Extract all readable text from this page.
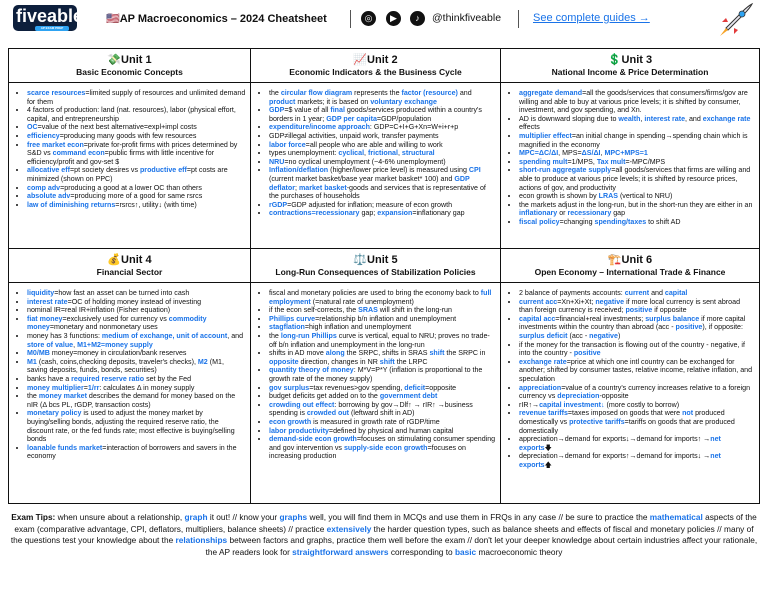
fiveable
AP EXAM PREP
🇺🇸AP Macroeconomics – 2024 Cheatsheet	◎	▶	♪	@thinkfiveable	See complete guides →
💸Unit 1
Basic Economic Concepts
• scarce resources=limited supply of resources and unlimited demand for them
• 4 factors of production: land (nat. resources), labor (physical effort, capital, and entrepreneurship
• OC=value of the next best alternative=expl+impl costs
• efficiency=producing many goods with few resources
• free market econ=private for-profit firms with prices determined by S&D vs command econ=public firms with little incentive for efficiency/profit and gov-set $
• allocative eff=pt society desires vs productive eff=pt costs are minimized (shown on PPC)
• comp adv=producing a good at a lower OC than others
• absolute adv=producing more of a good for same rsrcs
• law of diminishing returns=rsrcs↑, utility↓ (with time)
📈Unit 2
Economic Indicators & the Business Cycle
• the circular flow diagram represents the factor (resource) and product markets; it is based on voluntary exchange
• GDP=$ value of all final goods/services produced within a country's borders in 1 year; GDP per capita=GDP/population
• expenditure/income approach: GDP=C+I+G+Xn=W+i+r+p
• GDP≠illegal activities, unpaid work, transfer payments
• labor force=all people who are able and willing to work
• types unemployment: cyclical, frictional, structural
• NRU=no cyclical unemployment (~4-6% unemployment)
• Inflation/deflation (higher/lower price level) is measured using CPI (current market basket/base year market basket* 100) and GDP deflator; market basket-goods and services that is representative of the purchases of households
• rGDP=GDP adjusted for inflation; measure of econ growth
• contractions=recessionary gap; expansion=inflationary gap
💲Unit 3
National Income & Price Determination
• aggregate demand=all the goods/services that consumers/firms/gov are willing and able to buy at various price levels; it is shifted by consumer, investment, and gov spending, and Xn.
• AD is downward sloping due to wealth, interest rate, and exchange rate effects
• multiplier effect=an initial change in spending→spending chain which is magnified in the economy
• MPC=ΔC/ΔI, MPS=ΔS/ΔI, MPC+MPS=1
• spending mult=1/MPS, Tax mult=-MPC/MPS
• short-run aggregate supply=all goods/services that firms are willing and able to produce at various price levels; it is shifted by resource prices, actions of gov, and productivity
• econ growth is shown by LRAS (vertical to NRU)
• the markets adjust in the long-run, but in the short-run they are either in an inflationary or recessionary gap
• fiscal policy=changing spending/taxes to shift AD
💰Unit 4
Financial Sector
• liquidity=how fast an asset can be turned into cash
• interest rate=OC of holding money instead of investing
• nominal IR=real IR+inflation (Fisher equation)
• fiat money=exclusively used for currency vs commodity money=monetary and nonmonetary uses
• money has 3 functions: medium of exchange, unit of account, and store of value, M1+M2=money supply
• M0/MB money=money in circulation/bank reserves
• M1 (cash, coins,checking deposits, traveler's checks), M2 (M1, saving deposits, funds, bonds, securities)
• banks have a required reserve ratio set by the Fed
• money multiplier=1/rr: calculates Δ in money supply
• the money market describes the demand for money based on the nIR (Δ bcs PL, rGDP, transaction costs)
• monetary policy is used to adjust the money market by buying/selling bonds, adjusting the required reserve ratio, the discount rate, or the fed funds rate; most effective is buying/selling bonds
• loanable funds market=interaction of borrowers and savers in the economy
⚖️Unit 5
Long-Run Consequences of Stabilization Policies
• fiscal and monetary policies are used to bring the economy back to full employment (=natural rate of unemployment)
• if the econ self-corrects, the SRAS will shift in the long-run
• Phillips curve=relationship b/n inflation and unemployment
• stagflation=high inflation and unemployment
• the long-run Phillips curve is vertical, equal to NRU; proves no trade-off b/n inflation and unemployment in the long-run
• shifts in AD move along the SRPC, shifts in SRAS shift the SRPC in opposite direction, changes in NR shift the LRPC
• quantity theory of money: M*V=P*Y (inflation is proportional to the growth rate of the money supply)
• gov surplus=tax revenues>gov spending, deficit=opposite
• budget deficits get added on to the government debt
• crowding out effect: borrowing by gov→Dlf↑ → rIR↑ →business spending is crowded out (leftward shift in AD)
• econ growth is measured in growth rate of rGDP/time
• labor productivity=defined by physical and human capital
• demand-side econ growth=focuses on stimulating consumer spending and gov intervention vs supply-side econ growth=focuses on increasing production
🏗️Unit 6
Open Economy – International Trade & Finance
• 2 balance of payments accounts: current and capital
• current acc=Xn+Xi+Xt; negative if more local currency is sent abroad than foreign currency is received; positive if opposite
• capital acc=financial+real investments; surplus balance if more capital investments within the country than abroad (acc - positive), if opposite: surplus deficit (acc - negative)
• if the money for the transaction is flowing out of the country - negative, if into the country - positive
• exchange rate=price at which one intl country can be exchanged for another; shifted by consumer tastes, relative income, relative inflation, and speculation
• appreciation=value of a country's currency increases relative to a foreign currency vs depreciation-opposite
• rIR↑→capital investment↓ (more costly to borrow)
• revenue tariffs=taxes imposed on goods that were not produced domestically vs protective tariffs=tariffs on goods that are produced domestically
• appreciation→demand for exports↓→demand for imports↑ →net exports🡇
• depreciation→demand for exports↑→demand for imports↓ →net exports🡅
Exam Tips: when unsure about a relationship, graph it out! // know your graphs well, you will find them in MCQs and use them in FRQs in any case // be sure to practice the mathematical aspects of the exam (comparative advantage, CPI, deflators, multipliers, balance sheets) // practice extensively the harder question types, such as balance sheets and effects of fiscal and monetary policies // many of the questions test your knowledge about the relationships between factors and graphs, practice them well before the exam // don't let your deeper knowledge about certain industries affect your rationale, the AP readers look for straightforward answers corresponding to basic macroeconomic theory
